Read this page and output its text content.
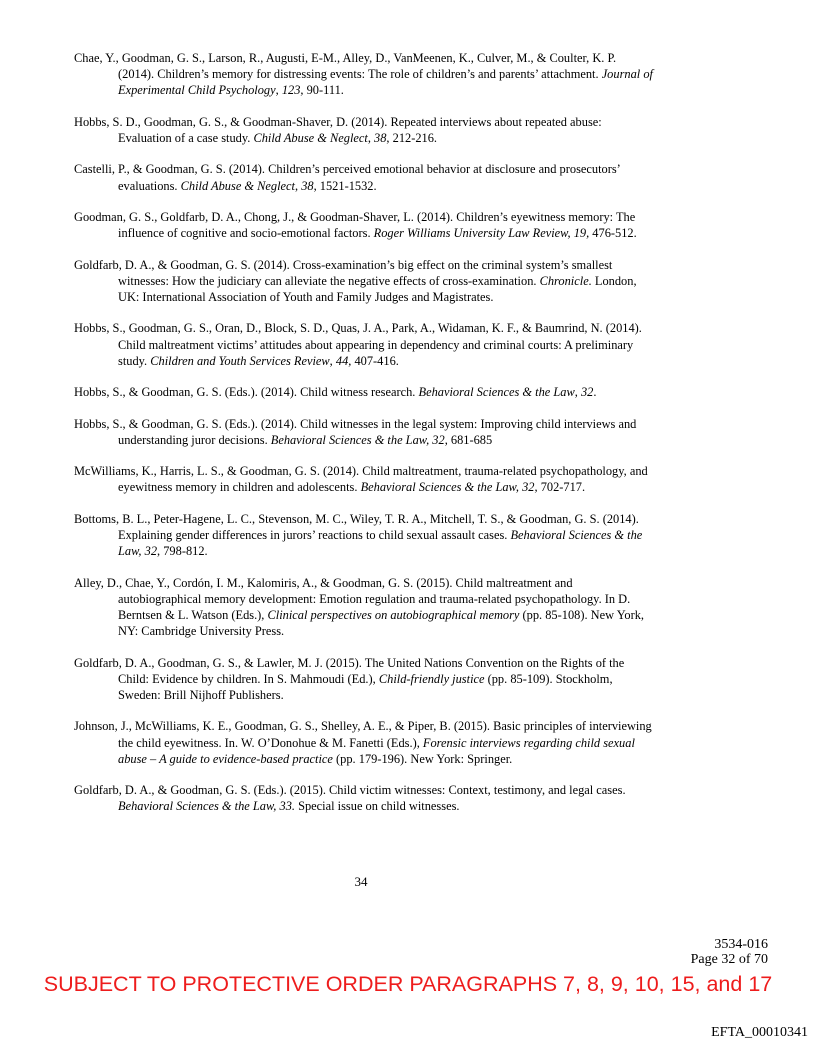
Chae, Y., Goodman, G. S., Larson, R., Augusti, E-M., Alley, D., VanMeenen, K., Culver, M., & Coulter, K. P. (2014). Children’s memory for distressing events: The role of children’s and parents’ attachment. Journal of Experimental Child Psychology, 123, 90-111.

Hobbs, S. D., Goodman, G. S., & Goodman-Shaver, D. (2014). Repeated interviews about repeated abuse: Evaluation of a case study. Child Abuse & Neglect, 38, 212-216.

Castelli, P., & Goodman, G. S. (2014). Children’s perceived emotional behavior at disclosure and prosecutors’ evaluations. Child Abuse & Neglect, 38, 1521-1532.

Goodman, G. S., Goldfarb, D. A., Chong, J., & Goodman-Shaver, L. (2014). Children’s eyewitness memory: The influence of cognitive and socio-emotional factors. Roger Williams University Law Review, 19, 476-512.

Goldfarb, D. A., & Goodman, G. S. (2014). Cross-examination’s big effect on the criminal system’s smallest witnesses: How the judiciary can alleviate the negative effects of cross-examination. Chronicle. London, UK: International Association of Youth and Family Judges and Magistrates.

Hobbs, S., Goodman, G. S., Oran, D., Block, S. D., Quas, J. A., Park, A., Widaman, K. F., & Baumrind, N. (2014). Child maltreatment victims’ attitudes about appearing in dependency and criminal courts: A preliminary study. Children and Youth Services Review, 44, 407-416.

Hobbs, S., & Goodman, G. S. (Eds.). (2014). Child witness research. Behavioral Sciences & the Law, 32.

Hobbs, S., & Goodman, G. S. (Eds.). (2014). Child witnesses in the legal system: Improving child interviews and understanding juror decisions. Behavioral Sciences & the Law, 32, 681-685

McWilliams, K., Harris, L. S., & Goodman, G. S. (2014). Child maltreatment, trauma-related psychopathology, and eyewitness memory in children and adolescents. Behavioral Sciences & the Law, 32, 702-717.

Bottoms, B. L., Peter-Hagene, L. C., Stevenson, M. C., Wiley, T. R. A., Mitchell, T. S., & Goodman, G. S. (2014). Explaining gender differences in jurors’ reactions to child sexual assault cases. Behavioral Sciences & the Law, 32, 798-812.

Alley, D., Chae, Y., Cordón, I. M., Kalomiris, A., & Goodman, G. S. (2015). Child maltreatment and autobiographical memory development: Emotion regulation and trauma-related psychopathology. In D. Berntsen & L. Watson (Eds.), Clinical perspectives on autobiographical memory (pp. 85-108). New York, NY: Cambridge University Press.

Goldfarb, D. A., Goodman, G. S., & Lawler, M. J. (2015). The United Nations Convention on the Rights of the Child: Evidence by children. In S. Mahmoudi (Ed.), Child-friendly justice (pp. 85-109). Stockholm, Sweden: Brill Nijhoff Publishers.

Johnson, J., McWilliams, K. E., Goodman, G. S., Shelley, A. E., & Piper, B. (2015). Basic principles of interviewing the child eyewitness. In. W. O’Donohue & M. Fanetti (Eds.), Forensic interviews regarding child sexual abuse – A guide to evidence-based practice (pp. 179-196). New York: Springer.

Goldfarb, D. A., & Goodman, G. S. (Eds.). (2015). Child victim witnesses: Context, testimony, and legal cases. Behavioral Sciences & the Law, 33. Special issue on child witnesses.

34
3534-016
Page 32 of 70
SUBJECT TO PROTECTIVE ORDER PARAGRAPHS 7, 8, 9, 10, 15, and 17
EFTA_00010341
